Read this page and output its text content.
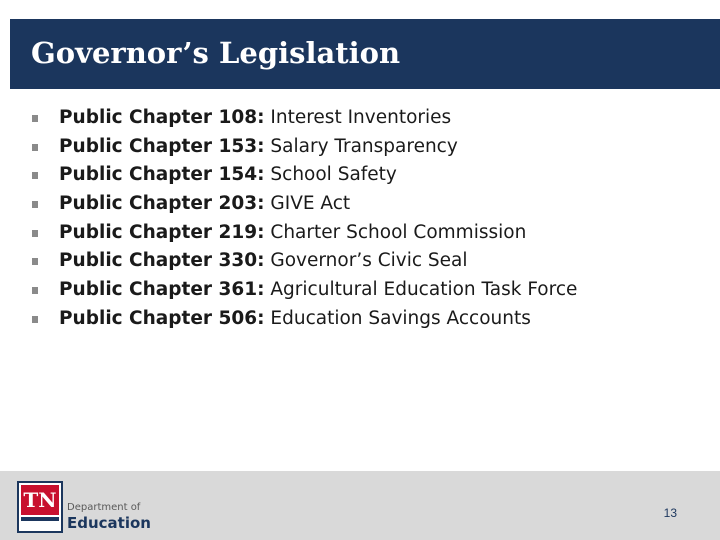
Governor’s Legislation
Public Chapter 108: Interest Inventories
Public Chapter 153: Salary Transparency
Public Chapter 154: School Safety
Public Chapter 203: GIVE Act
Public Chapter 219: Charter School Commission
Public Chapter 330: Governor’s Civic Seal
Public Chapter 361: Agricultural Education Task Force
Public Chapter 506: Education Savings Accounts
TN Department of
Education
13
